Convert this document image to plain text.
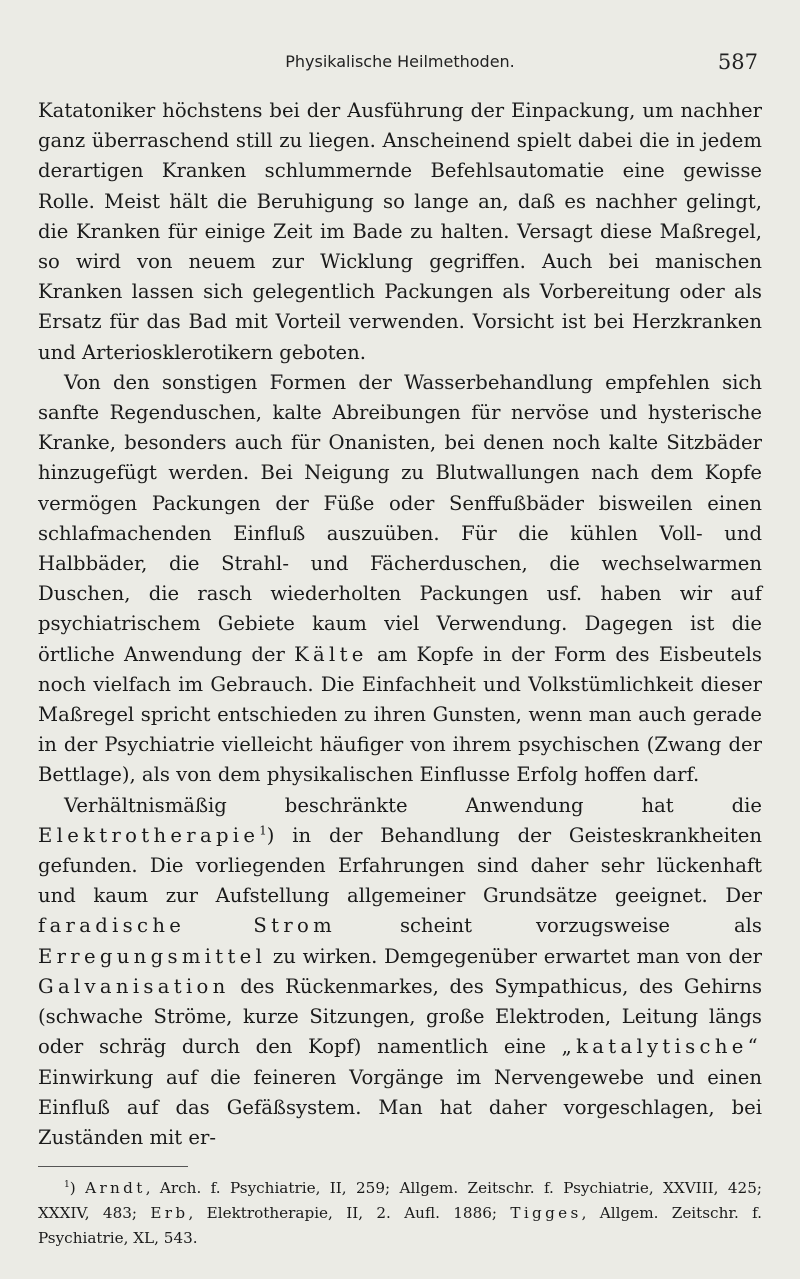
Physikalische Heilmethoden.	587

Katatoniker höchstens bei der Ausführung der Einpackung, um nachher ganz überraschend still zu liegen. Anscheinend spielt dabei die in jedem derartigen Kranken schlummernde Befehlsautomatie eine gewisse Rolle. Meist hält die Beruhigung so lange an, daß es nachher gelingt, die Kranken für einige Zeit im Bade zu halten. Versagt diese Maßregel, so wird von neuem zur Wicklung gegriffen. Auch bei manischen Kranken lassen sich gelegentlich Packungen als Vorbereitung oder als Ersatz für das Bad mit Vorteil verwenden. Vorsicht ist bei Herzkranken und Arteriosklerotikern geboten.

Von den sonstigen Formen der Wasserbehandlung empfehlen sich sanfte Regenduschen, kalte Abreibungen für nervöse und hysterische Kranke, besonders auch für Onanisten, bei denen noch kalte Sitzbäder hinzugefügt werden. Bei Neigung zu Blutwallungen nach dem Kopfe vermögen Packungen der Füße oder Senffußbäder bisweilen einen schlafmachenden Einfluß auszuüben. Für die kühlen Voll- und Halbbäder, die Strahl- und Fächerduschen, die wechselwarmen Duschen, die rasch wiederholten Packungen usf. haben wir auf psychiatrischem Gebiete kaum viel Verwendung. Dagegen ist die örtliche Anwendung der Kälte am Kopfe in der Form des Eisbeutels noch vielfach im Gebrauch. Die Einfachheit und Volkstümlichkeit dieser Maßregel spricht entschieden zu ihren Gunsten, wenn man auch gerade in der Psychiatrie vielleicht häufiger von ihrem psychischen (Zwang der Bettlage), als von dem physikalischen Einflusse Erfolg hoffen darf.

Verhältnismäßig beschränkte Anwendung hat die Elektrotherapie$^1$) in der Behandlung der Geisteskrankheiten gefunden. Die vorliegenden Erfahrungen sind daher sehr lückenhaft und kaum zur Aufstellung allgemeiner Grundsätze geeignet. Der faradische Strom	scheint vorzugsweise als Erregungsmittel zu wirken. Demgegenüber erwartet man von der Galvanisation des Rückenmarkes, des Sympathicus, des Gehirns (schwache Ströme, kurze Sitzungen, große Elektroden, Leitung längs oder schräg durch den Kopf) namentlich eine „katalytische“ Einwirkung auf die feineren Vorgänge im Nervengewebe und einen Einfluß auf das Gefäßsystem. Man hat daher vorgeschlagen, bei Zuständen mit er-

$^1$) Arndt, Arch. f. Psychiatrie, II, 259; Allgem. Zeitschr. f. Psychiatrie, XXVIII, 425; XXXIV, 483; Erb, Elektrotherapie, II, 2. Aufl. 1886; Tigges, Allgem. Zeitschr. f. Psychiatrie, XL, 543.
